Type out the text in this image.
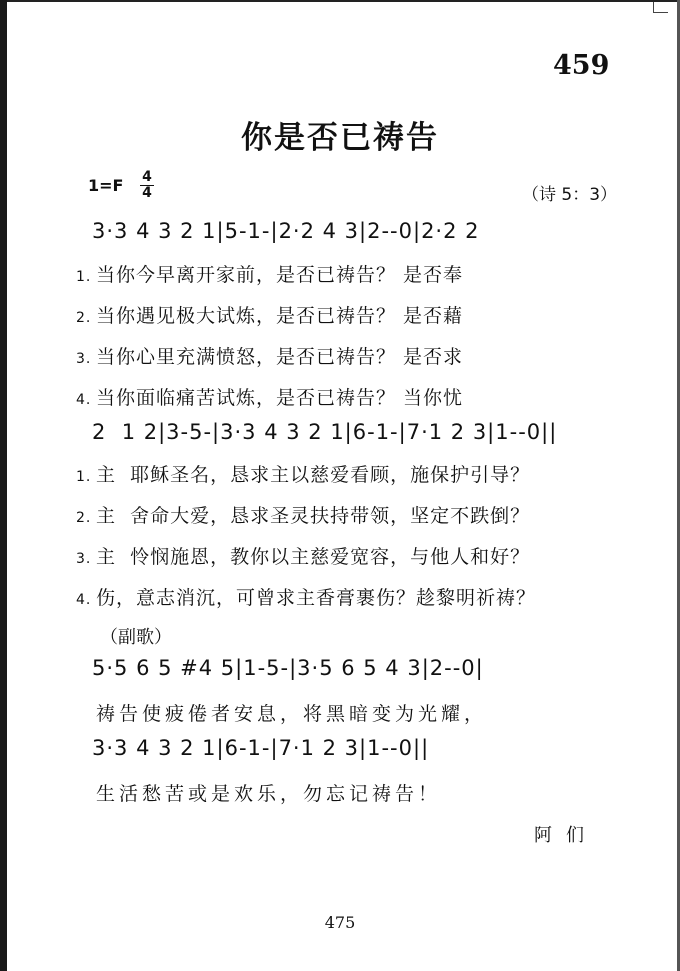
459
你是否已祷告
1=F 4
4	（诗 5：3）
3·3 4 3 2 1|5-1-|2·2 4 3|2--0|2·2 2
1. 当你今早离开家前，是否已祷告？ 是否奉
2. 当你遇见极大试炼，是否已祷告？ 是否藉
3. 当你心里充满愤怒，是否已祷告？ 是否求
4. 当你面临痛苦试炼，是否已祷告？ 当你忧
2  1 2|3-5-|3·3 4 3 2 1|6-1-|7·1 2 3|1--0||
1. 主  耶稣圣名，恳求主以慈爱看顾，施保护引导？
2. 主  舍命大爱，恳求圣灵扶持带领，坚定不跌倒？
3. 主  怜悯施恩，教你以主慈爱宽容，与他人和好？
4. 伤，意志消沉，可曾求主香膏裹伤？趁黎明祈祷？
（副歌）
5·5 6 5 #4 5|1-5-|3·5 6 5 4 3|2--0|
祷告使疲倦者安息，将黑暗变为光耀，
3·3 4 3 2 1|6-1-|7·1 2 3|1--0||
生活愁苦或是欢乐，勿忘记祷告！
阿们
475
